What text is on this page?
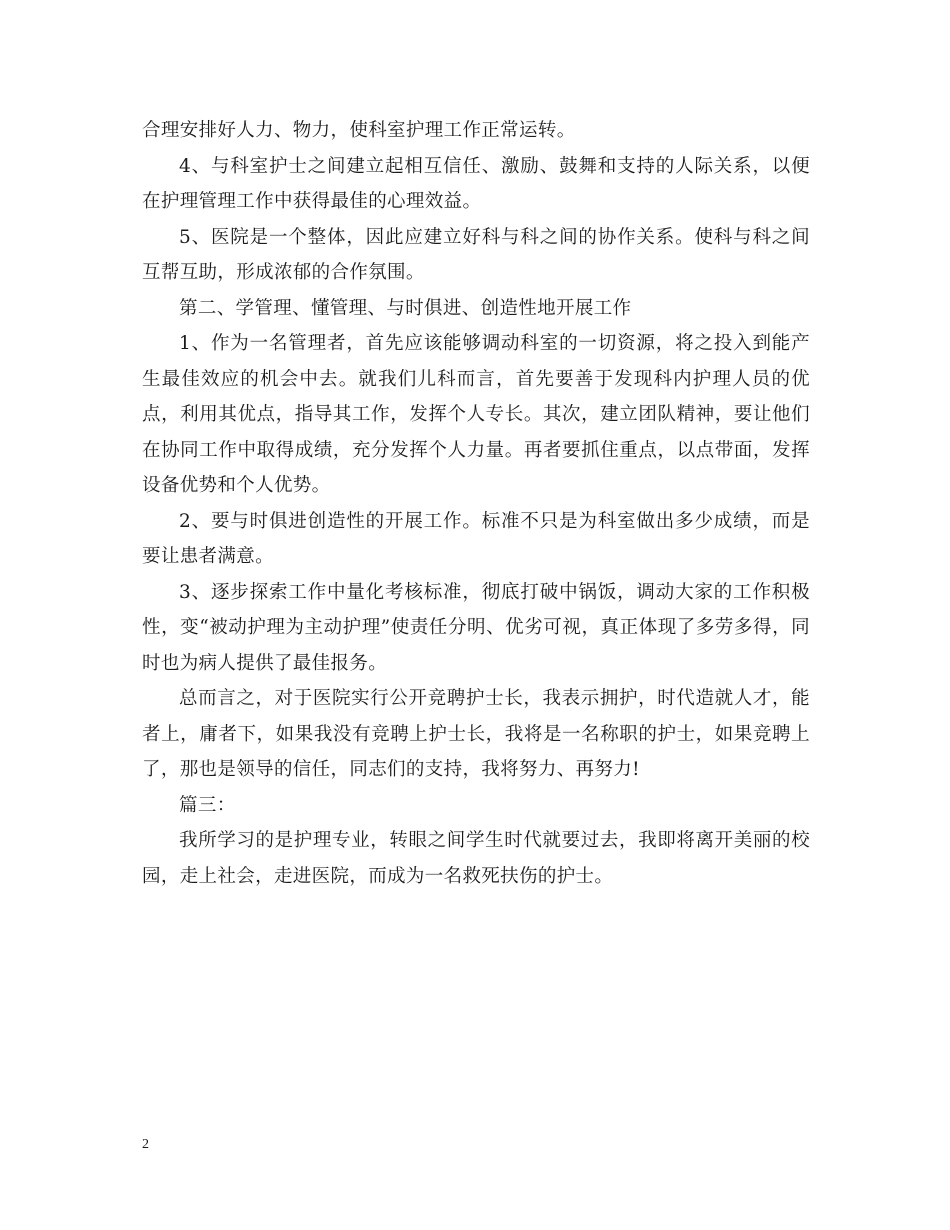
合理安排好人力、物力，使科室护理工作正常运转。

4、与科室护士之间建立起相互信任、激励、鼓舞和支持的人际关系，以便在护理管理工作中获得最佳的心理效益。

5、医院是一个整体，因此应建立好科与科之间的协作关系。使科与科之间互帮互助，形成浓郁的合作氛围。

第二、学管理、懂管理、与时俱进、创造性地开展工作

1、作为一名管理者，首先应该能够调动科室的一切资源，将之投入到能产生最佳效应的机会中去。就我们儿科而言，首先要善于发现科内护理人员的优点，利用其优点，指导其工作，发挥个人专长。其次，建立团队精神，要让他们在协同工作中取得成绩，充分发挥个人力量。再者要抓住重点，以点带面，发挥设备优势和个人优势。

2、要与时俱进创造性的开展工作。标准不只是为科室做出多少成绩，而是要让患者满意。

3、逐步探索工作中量化考核标准，彻底打破中锅饭，调动大家的工作积极性，变“被动护理为主动护理”使责任分明、优劣可视，真正体现了多劳多得，同时也为病人提供了最佳报务。

总而言之，对于医院实行公开竞聘护士长，我表示拥护，时代造就人才，能者上，庸者下，如果我没有竞聘上护士长，我将是一名称职的护士，如果竞聘上了，那也是领导的信任，同志们的支持，我将努力、再努力!

篇三：

我所学习的是护理专业，转眼之间学生时代就要过去，我即将离开美丽的校园，走上社会，走进医院，而成为一名救死扶伤的护士。

2
